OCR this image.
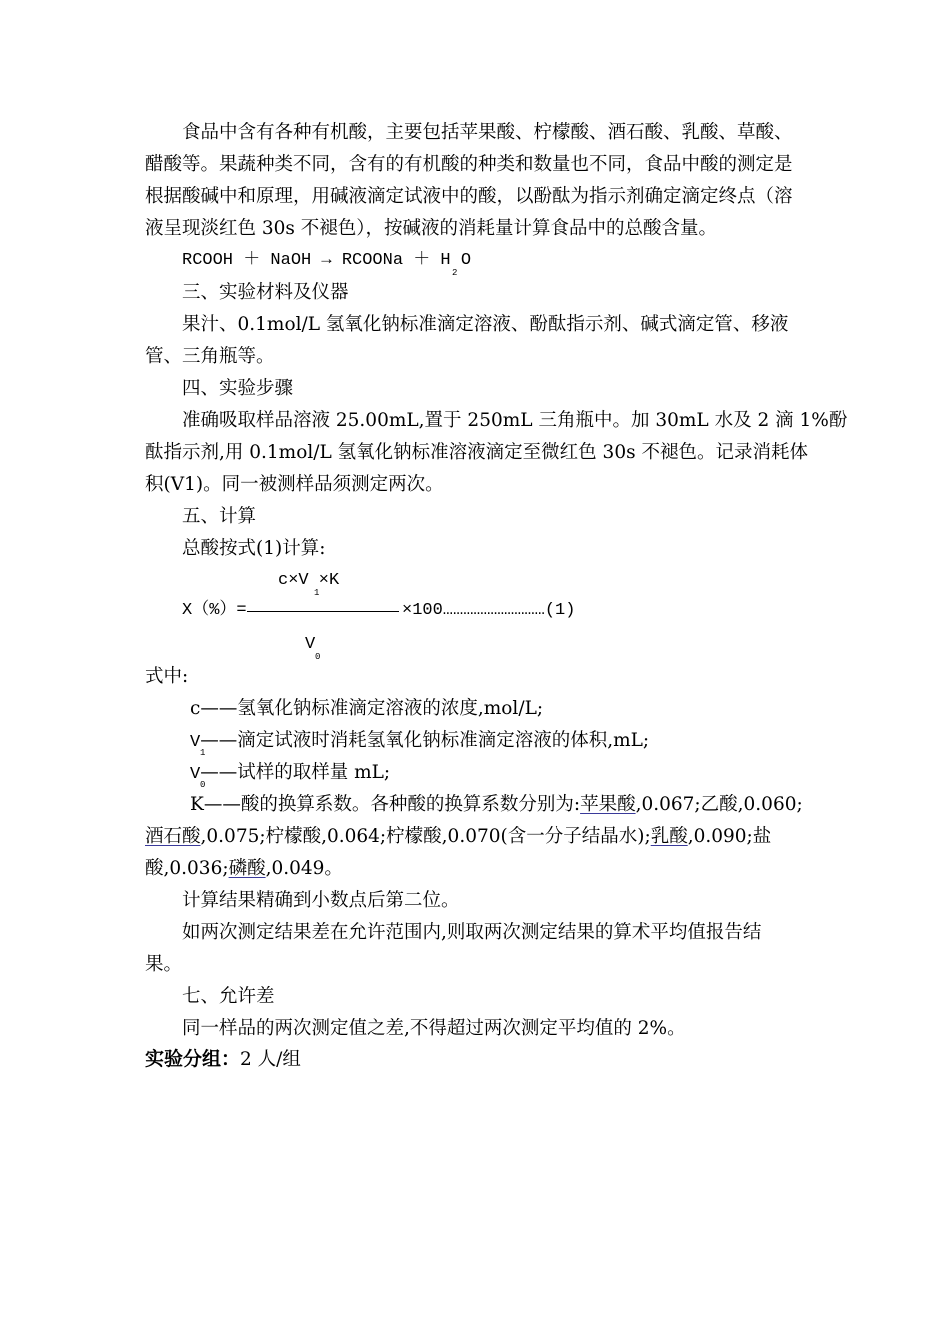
食品中含有各种有机酸，主要包括苹果酸、柠檬酸、酒石酸、乳酸、草酸、
醋酸等。果蔬种类不同，含有的有机酸的种类和数量也不同，食品中酸的测定是
根据酸碱中和原理，用碱液滴定试液中的酸，以酚酞为指示剂确定滴定终点（溶
液呈现淡红色 30s 不褪色），按碱液的消耗量计算食品中的总酸含量。
RCOOH ＋ NaOH → RCOONa ＋ H O
2
三、实验材料及仪器
果汁、0.1mol/L 氢氧化钠标准滴定溶液、酚酞指示剂、碱式滴定管、移液
管、三角瓶等。
四、实验步骤
准确吸取样品溶液 25.00mL,置于 250mL 三角瓶中。加 30mL 水及 2 滴 1%酚
酞指示剂,用 0.1mol/L 氢氧化钠标准溶液滴定至微红色 30s 不褪色。记录消耗体
积(V1)。同一被测样品须测定两次。
五、计算
总酸按式(1)计算:
c×V ×K
1
X（%）=	×100…………………………(1)
V
0
式中:
c——氢氧化钠标准滴定溶液的浓度,mol/L;
V——滴定试液时消耗氢氧化钠标准滴定溶液的体积,mL;
1
V——试样的取样量 mL;
0
K——酸的换算系数。各种酸的换算系数分别为:苹果酸,0.067;乙酸,0.060;
酒石酸,0.075;柠檬酸,0.064;柠檬酸,0.070(含一分子结晶水);乳酸,0.090;盐
酸,0.036;磷酸,0.049。
计算结果精确到小数点后第二位。
如两次测定结果差在允许范围内,则取两次测定结果的算术平均值报告结
果。
七、允许差
同一样品的两次测定值之差,不得超过两次测定平均值的 2%。
实验分组：2 人/组
